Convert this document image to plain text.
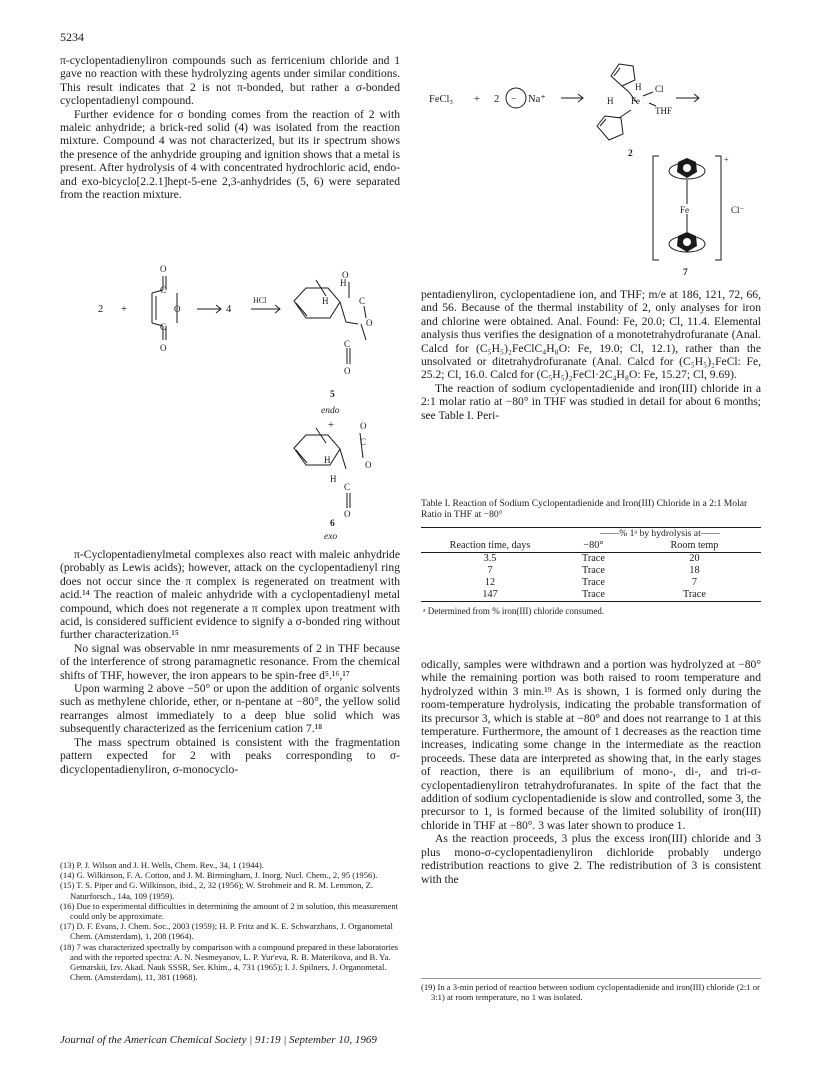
5234

π-cyclopentadienyliron compounds such as ferricenium chloride and 1 gave no reaction with these hydrolyzing agents under similar conditions. This result indicates that 2 is not π-bonded, but rather a σ-bonded cyclopentadienyl compound.

Further evidence for σ bonding comes from the reaction of 2 with maleic anhydride; a brick-red solid (4) was isolated from the reaction mixture. Compound 4 was not characterized, but its ir spectrum shows the presence of the anhydride grouping and ignition shows that a metal is present. After hydrolysis of 4 with concentrated hydrochloric acid, endo- and exo-bicyclo[2.2.1]hept-5-ene 2,3-anhydrides (5, 6) were separated from the reaction mixture.

2 +
O
C
O
C
O
4
HCl
O
H
H	C
O
C
O
5
endo
+	O
C
H	O
H
C
O
6
exo

π-Cyclopentadienylmetal complexes also react with maleic anhydride (probably as Lewis acids); however, attack on the cyclopentadienyl ring does not occur since the π complex is regenerated on treatment with acid.¹⁴ The reaction of maleic anhydride with a cyclopentadienyl metal compound, which does not regenerate a π complex upon treatment with acid, is considered sufficient evidence to signify a σ-bonded ring without further characterization.¹⁵

No signal was observable in nmr measurements of 2 in THF because of the interference of strong paramagnetic resonance. From the chemical shifts of THF, however, the iron appears to be spin-free d⁵.¹⁶,¹⁷

Upon warming 2 above −50° or upon the addition of organic solvents such as methylene chloride, ether, or n-pentane at −80°, the yellow solid rearranges almost immediately to a deep blue solid which was subsequently characterized as the ferricenium cation 7.¹⁸

The mass spectrum obtained is consistent with the fragmentation pattern expected for 2 with peaks corresponding to σ-dicyclopentadienyliron, σ-monocyclo-

(13) P. J. Wilson and J. H. Wells, Chem. Rev., 34, 1 (1944).

(14) G. Wilkinson, F. A. Cotton, and J. M. Birmingham, J. Inorg. Nucl. Chem., 2, 95 (1956).

(15) T. S. Piper and G. Wilkinson, ibid., 2, 32 (1956); W. Strohmeir and R. M. Lemmon, Z. Naturforsch., 14a, 109 (1959).

(16) Due to experimental difficulties in determining the amount of 2 in solution, this measurement could only be approximate.

(17) D. F. Evans, J. Chem. Soc., 2003 (1959); H. P. Fritz and K. E. Schwarzhans, J. Organometal Chem. (Amsterdam), 1, 208 (1964).

(18) 7 was characterized spectrally by comparison with a compound prepared in these laboratories and with the reported spectra: A. N. Nesmeyanov, L. P. Yur'eva, R. B. Materikova, and B. Ya. Getnarskii, Izv. Akad. Nauk SSSR, Ser. Khim., 4, 731 (1965); I. J. Spilners, J. Organometal. Chem. (Amsterdam), 11, 381 (1968).

FeCl₃ + 2 − Na⁺
H Cl
H Fe
THF
2
Fe
+
Cl⁻
7

pentadienyliron, cyclopentadiene ion, and THF; m/e at 186, 121, 72, 66, and 56. Because of the thermal instability of 2, only analyses for iron and chlorine were obtained. Anal. Found: Fe, 20.0; Cl, 11.4. Elemental analysis thus verifies the designation of a monotetrahydrofuranate (Anal. Calcd for (C₅H₅)₂FeClC₄H₈O: Fe, 19.0; Cl, 12.1), rather than the unsolvated or ditetrahydrofuranate (Anal. Calcd for (C₅H₅)₂FeCl: Fe, 25.2; Cl, 16.0. Calcd for (C₅H₅)₂FeCl·2C₄H₈O: Fe, 15.27; Cl, 9.69).

The reaction of sodium cyclopentadienide and iron(III) chloride in a 2:1 molar ratio at −80° in THF was studied in detail for about 6 months; see Table I. Peri-

Table I. Reaction of Sodium Cyclopentadienide and Iron(III) Chloride in a 2:1 Molar Ratio in THF at −80°
	——% 1ᵃ by hydrolysis at——	
Reaction time, days	−80°	Room temp
3.5	Trace	20
7	Trace	18
12	Trace	7
147	Trace	Trace
ᵃ Determined from % iron(III) chloride consumed.		

odically, samples were withdrawn and a portion was hydrolyzed at −80° while the remaining portion was both raised to room temperature and hydrolyzed within 3 min.¹⁹ As is shown, 1 is formed only during the room-temperature hydrolysis, indicating the probable transformation of its precursor 3, which is stable at −80° and does not rearrange to 1 at this temperature. Furthermore, the amount of 1 decreases as the reaction time increases, indicating some change in the intermediate as the reaction proceeds. These data are interpreted as showing that, in the early stages of reaction, there is an equilibrium of mono-, di-, and tri-σ-cyclopentadienyliron tetrahydrofuranates. In spite of the fact that the addition of sodium cyclopentadienide is slow and controlled, some 3, the precursor to 1, is formed because of the limited solubility of iron(III) chloride in THF at −80°. 3 was later shown to produce 1.

As the reaction proceeds, 3 plus the excess iron(III) chloride and 3 plus mono-σ-cyclopentadienyliron dichloride probably undergo redistribution reactions to give 2. The redistribution of 3 is consistent with the

(19) In a 3-min period of reaction between sodium cyclopentadienide and iron(III) chloride (2:1 or 3:1) at room temperature, no 1 was isolated.

Journal of the American Chemical Society | 91:19 | September 10, 1969
